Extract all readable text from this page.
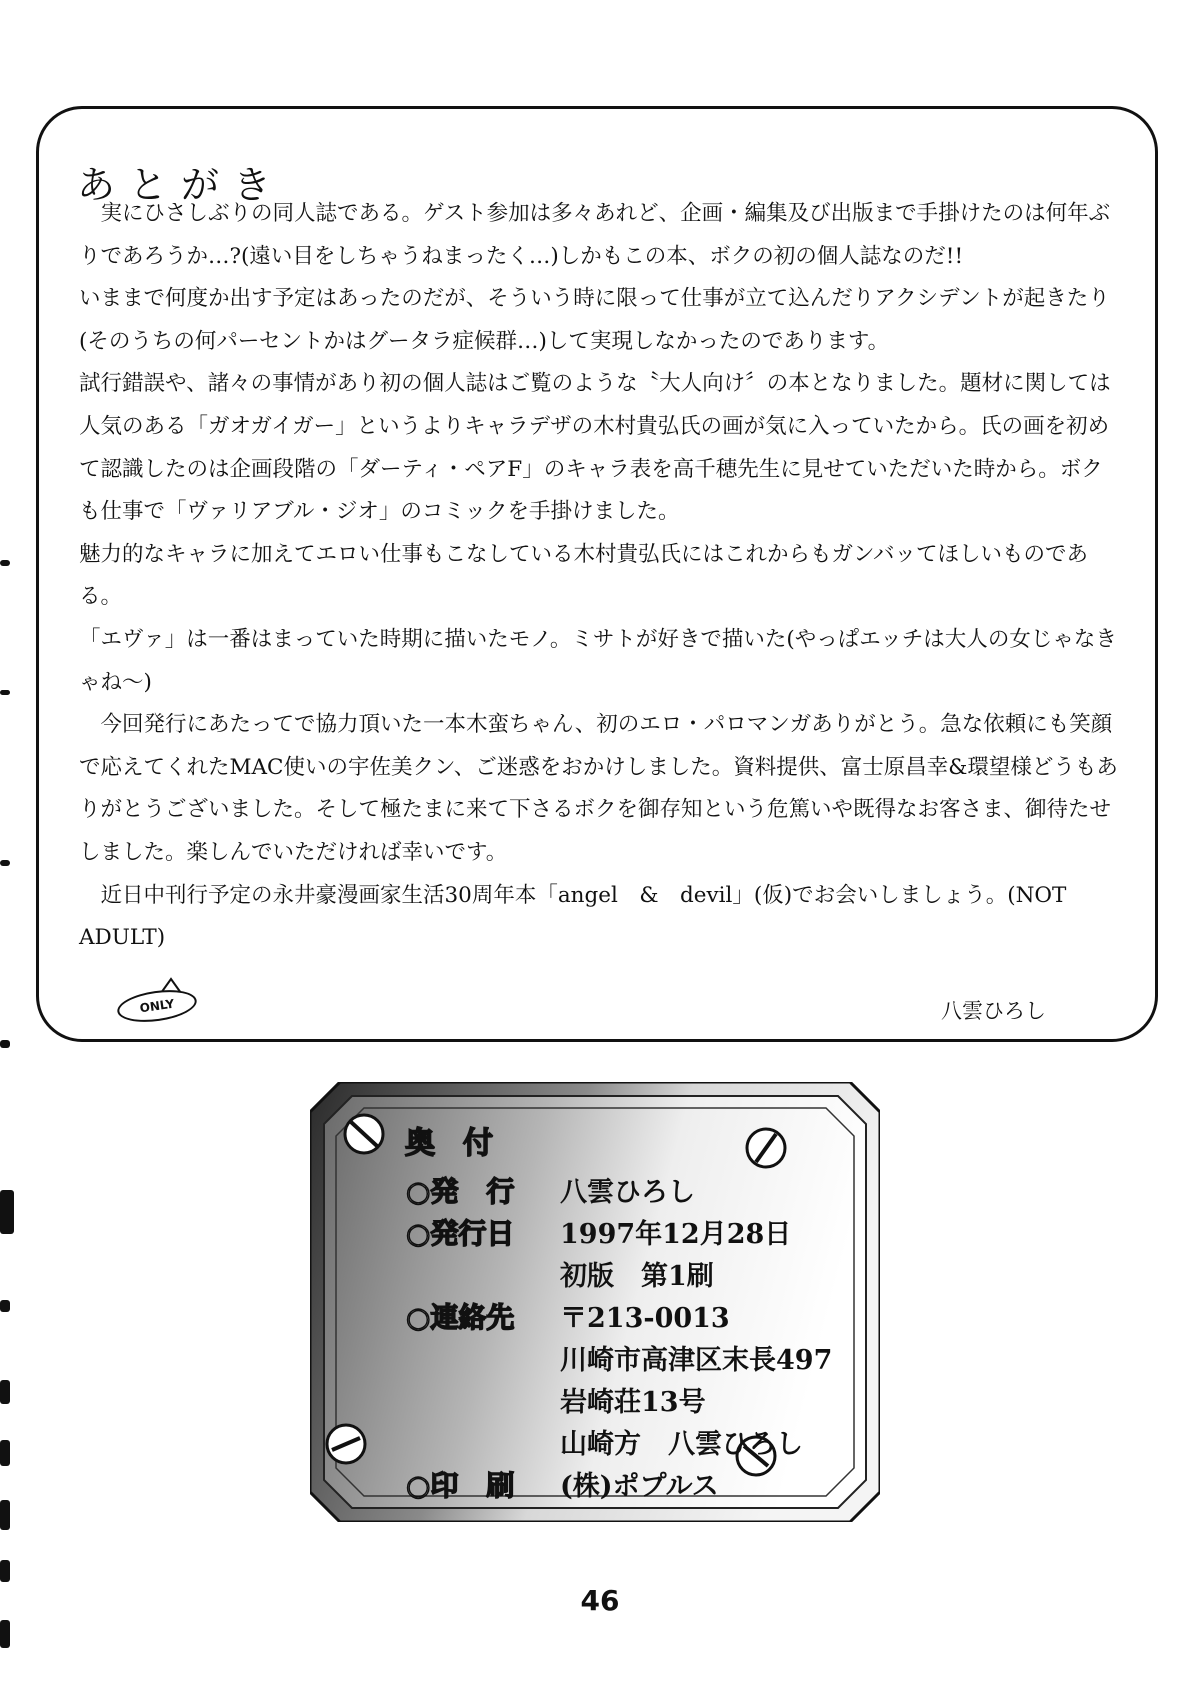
あとがき

実にひさしぶりの同人誌である。ゲスト参加は多々あれど、企画・編集及び出版まで手掛けたのは何年ぶりであろうか…?(遠い目をしちゃうねまったく…)しかもこの本、ボクの初の個人誌なのだ!!

いままで何度か出す予定はあったのだが、そういう時に限って仕事が立て込んだりアクシデントが起きたり(そのうちの何パーセントかはグータラ症候群…)して実現しなかったのであります。

試行錯誤や、諸々の事情があり初の個人誌はご覧のような〝大人向け〞の本となりました。題材に関しては人気のある「ガオガイガー」というよりキャラデザの木村貴弘氏の画が気に入っていたから。氏の画を初めて認識したのは企画段階の「ダーティ・ペアF」のキャラ表を高千穂先生に見せていただいた時から。ボクも仕事で「ヴァリアブル・ジオ」のコミックを手掛けました。

魅力的なキャラに加えてエロい仕事もこなしている木村貴弘氏にはこれからもガンバッてほしいものである。

「エヴァ」は一番はまっていた時期に描いたモノ。ミサトが好きで描いた(やっぱエッチは大人の女じゃなきゃね～)

今回発行にあたってで協力頂いた一本木蛮ちゃん、初のエロ・パロマンガありがとう。急な依頼にも笑顔で応えてくれたMAC使いの宇佐美クン、ご迷惑をおかけしました。資料提供、富士原昌幸&環望様どうもありがとうございました。そして極たまに来て下さるボクを御存知という危篤いや既得なお客さま、御待たせしました。楽しんでいただければ幸いです。

近日中刊行予定の永井豪漫画家生活30周年本「angel　&　devil」(仮)でお会いしましょう。(NOT ADULT)

ONLY	八雲ひろし
奥付
○発　行 八雲ひろし
○発行日 1997年12月28日
初版　第1刷
○連絡先 〒213-0013
川崎市高津区末長497
岩崎荘13号
山崎方　八雲ひろし
○印　刷 (株)ポプルス
46
